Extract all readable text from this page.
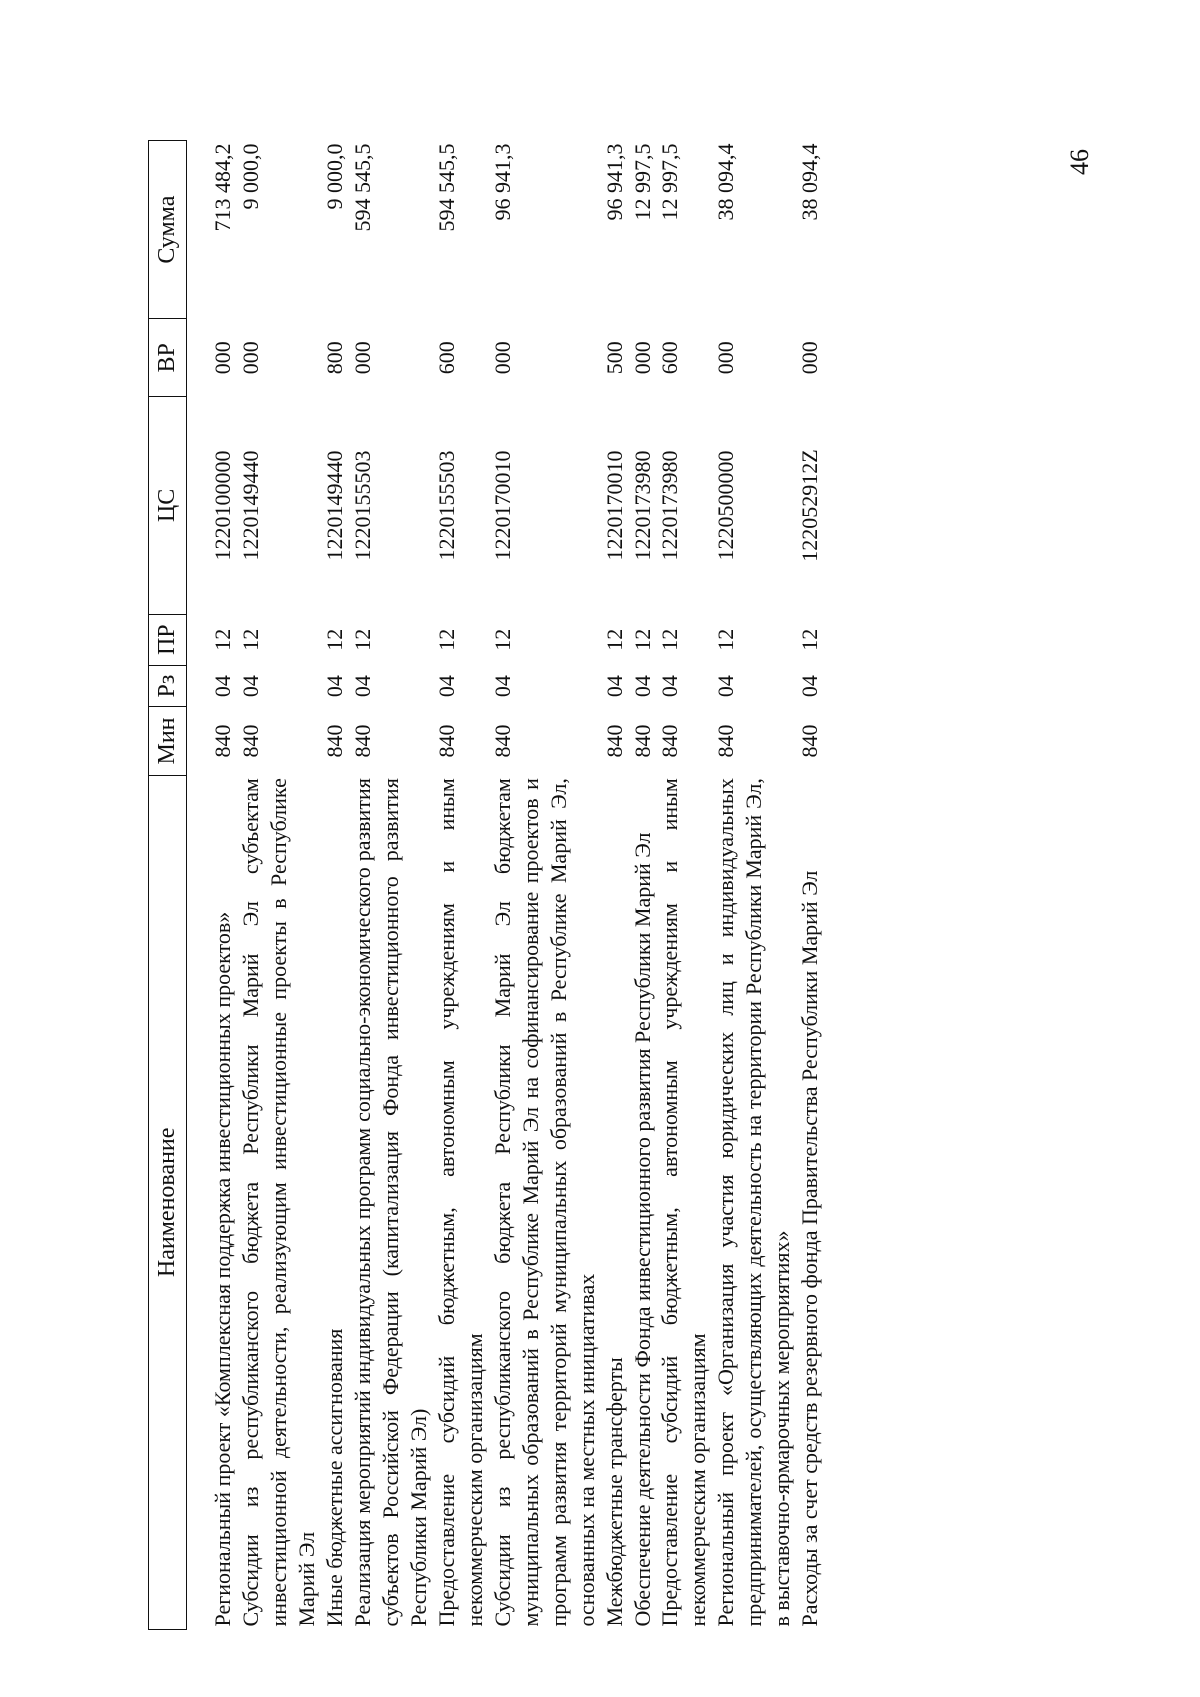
46
Наименование	Мин	Рз	ПР	ЦС	ВР	Сумма
Региональный проект «Комплексная поддержка инвестиционных проектов»	840	04	12	1220100000	000	713 484,2
Субсидии из республиканского бюджета Республики Марий Эл субъектам инвестиционной деятельности, реализующим инвестиционные проекты в Республике Марий Эл	840	04	12	1220149440	000	9 000,0
Иные бюджетные ассигнования	840	04	12	1220149440	800	9 000,0
Реализация мероприятий индивидуальных программ социально-экономического развития субъектов Российской Федерации (капитализация Фонда инвестиционного развития Республики Марий Эл)	840	04	12	1220155503	000	594 545,5
Предоставление субсидий бюджетным, автономным учреждениям и иным некоммерческим организациям	840	04	12	1220155503	600	594 545,5
Субсидии из республиканского бюджета Республики Марий Эл бюджетам муниципальных образований в Республике Марий Эл на софинансирование проектов и программ развития территорий муниципальных образований в Республике Марий Эл, основанных на местных инициативах	840	04	12	1220170010	000	96 941,3
Межбюджетные трансферты	840	04	12	1220170010	500	96 941,3
Обеспечение деятельности Фонда инвестиционного развития Республики Марий Эл	840	04	12	1220173980	000	12 997,5
Предоставление субсидий бюджетным, автономным учреждениям и иным некоммерческим организациям	840	04	12	1220173980	600	12 997,5
Региональный проект «Организация участия юридических лиц и индивидуальных предпринимателей, осуществляющих деятельность на территории Республики Марий Эл, в выставочно-ярмарочных мероприятиях»	840	04	12	1220500000	000	38 094,4
Расходы за счет средств резервного фонда Правительства Республики Марий Эл	840	04	12	122052912Z	000	38 094,4
